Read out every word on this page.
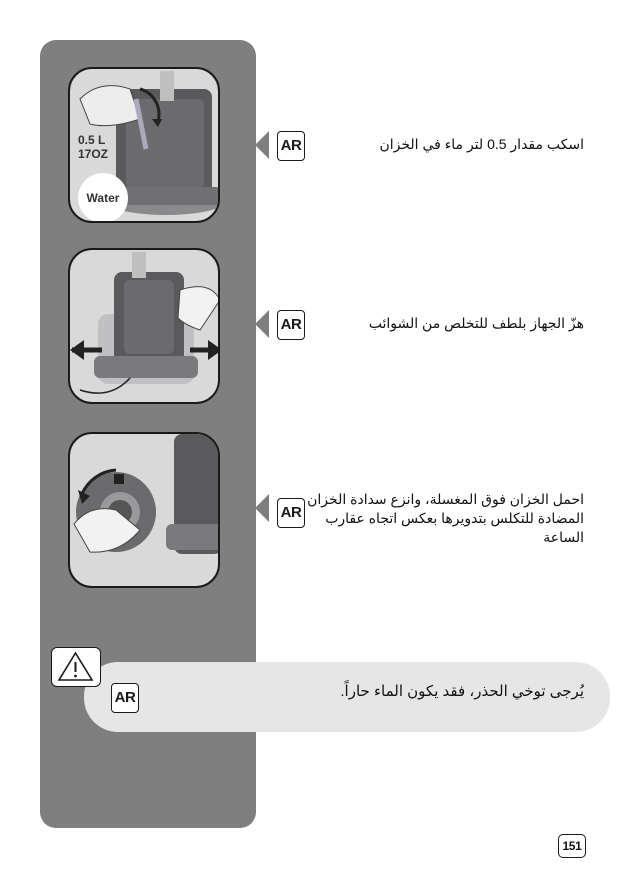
0.5 L
17OZ
Water
AR	اسكب مقدار 0.5 لتر ماء في الخزان
AR	هزّ الجهاز بلطف للتخلص من الشوائب
AR
احمل الخزان فوق المغسلة، وانزع سدادة الخزان المضادة للتكلس بتدويرها بعكس اتجاه عقارب الساعة
AR	يُرجى توخي الحذر، فقد يكون الماء حاراً.
151
